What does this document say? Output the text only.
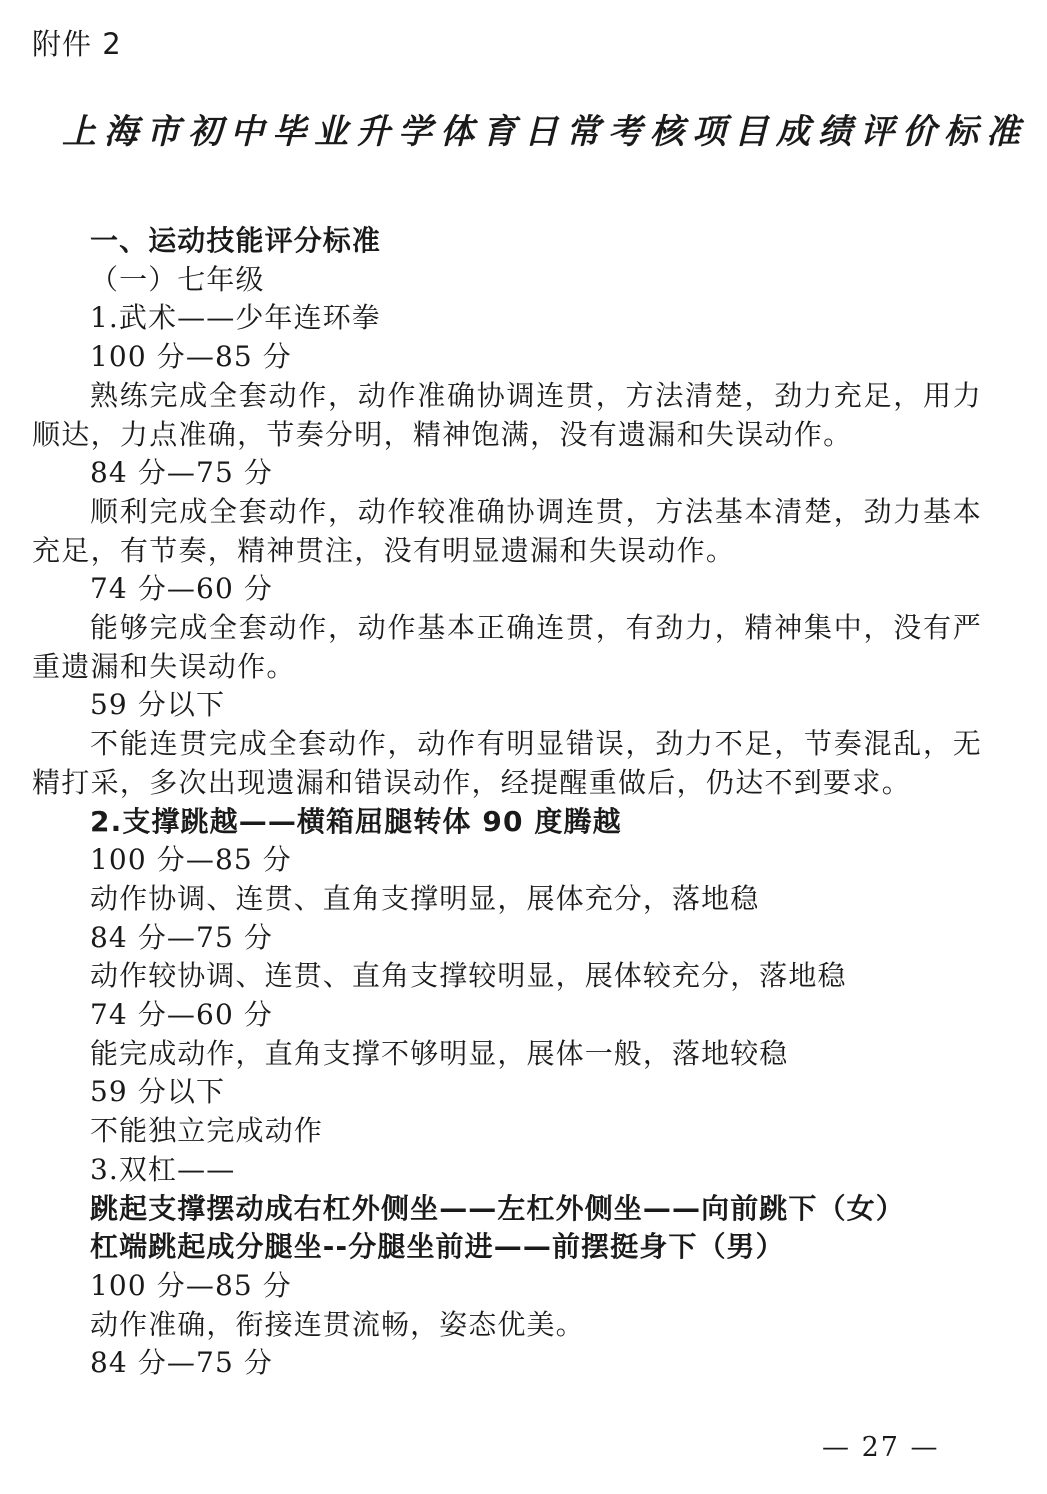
附件 2
上海市初中毕业升学体育日常考核项目成绩评价标准
一、运动技能评分标准
（一）七年级
1.武术——少年连环拳
100 分—85 分
熟练完成全套动作，动作准确协调连贯，方法清楚，劲力充足，用力顺达，力点准确，节奏分明，精神饱满，没有遗漏和失误动作。
84 分—75 分
顺利完成全套动作，动作较准确协调连贯，方法基本清楚，劲力基本充足，有节奏，精神贯注，没有明显遗漏和失误动作。
74 分—60 分
能够完成全套动作，动作基本正确连贯，有劲力，精神集中，没有严重遗漏和失误动作。
59 分以下
不能连贯完成全套动作，动作有明显错误，劲力不足，节奏混乱，无精打采，多次出现遗漏和错误动作，经提醒重做后，仍达不到要求。
2.支撑跳越——横箱屈腿转体 90 度腾越
100 分—85 分
动作协调、连贯、直角支撑明显，展体充分，落地稳
84 分—75 分
动作较协调、连贯、直角支撑较明显，展体较充分，落地稳
74 分—60 分
能完成动作，直角支撑不够明显，展体一般，落地较稳
59 分以下
不能独立完成动作
3.双杠——
跳起支撑摆动成右杠外侧坐——左杠外侧坐——向前跳下（女）
杠端跳起成分腿坐--分腿坐前进——前摆挺身下（男）
100 分—85 分
动作准确，衔接连贯流畅，姿态优美。
84 分—75 分
— 27 —
